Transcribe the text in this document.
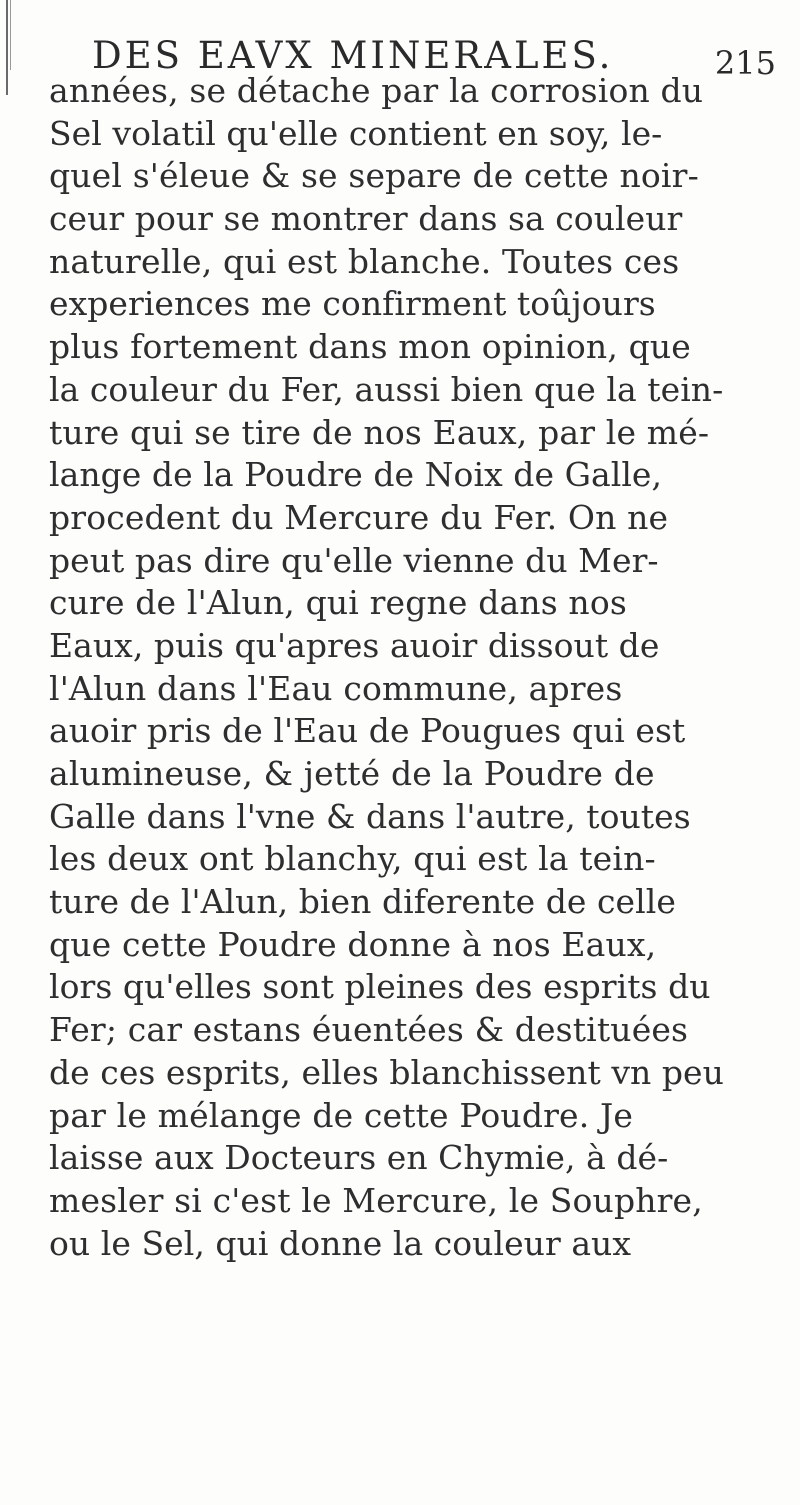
DES EAVX MINERALES.	215
années, se détache par la corrosion du
Sel volatil qu'elle contient en soy, le-
quel s'éleue & se separe de cette noir-
ceur pour se montrer dans sa couleur
naturelle, qui est blanche. Toutes ces
experiences me confirment toûjours
plus fortement dans mon opinion, que
la couleur du Fer, aussi bien que la tein-
ture qui se tire de nos Eaux, par le mé-
lange de la Poudre de Noix de Galle,
procedent du Mercure du Fer. On ne
peut pas dire qu'elle vienne du Mer-
cure de l'Alun, qui regne dans nos
Eaux, puis qu'apres auoir dissout de
l'Alun dans l'Eau commune, apres
auoir pris de l'Eau de Pougues qui est
alumineuse, & jetté de la Poudre de
Galle dans l'vne & dans l'autre, toutes
les deux ont blanchy, qui est la tein-
ture de l'Alun, bien diferente de celle
que cette Poudre donne à nos Eaux,
lors qu'elles sont pleines des esprits du
Fer; car estans éuentées & destituées
de ces esprits, elles blanchissent vn peu
par le mélange de cette Poudre. Je
laisse aux Docteurs en Chymie, à dé-
mesler si c'est le Mercure, le Souphre,
ou le Sel, qui donne la couleur aux
